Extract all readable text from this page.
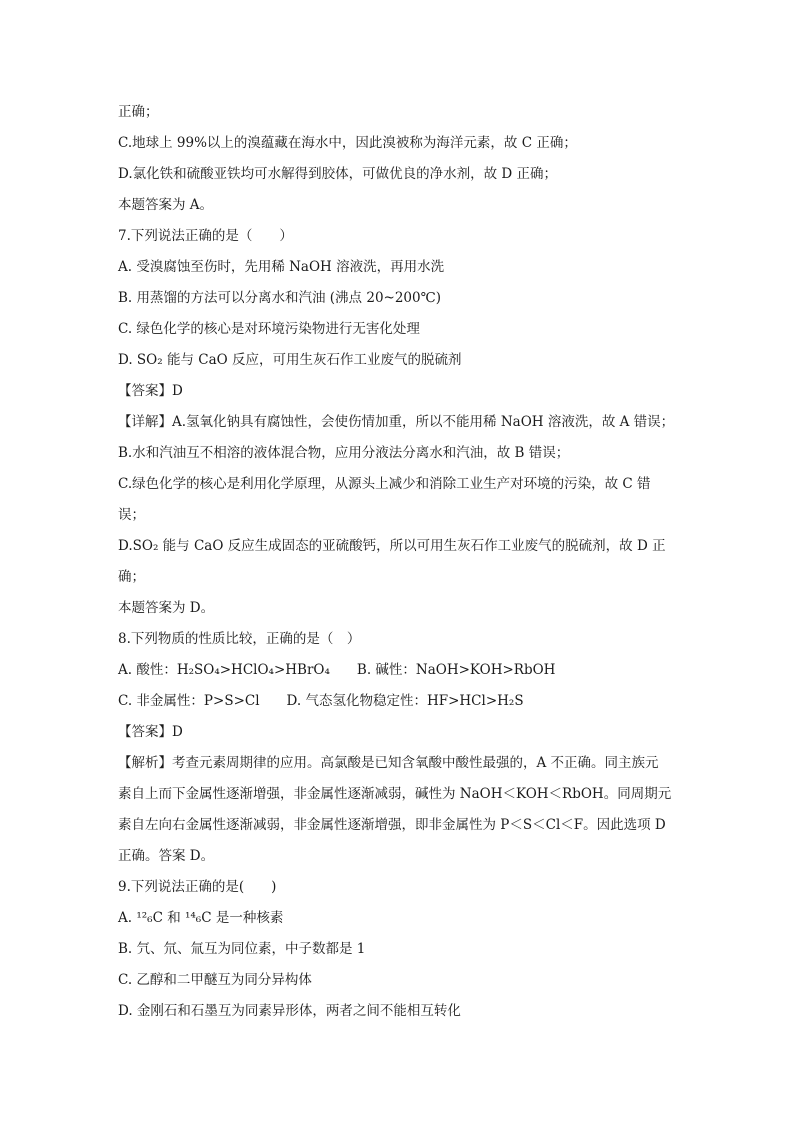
正确；
C.地球上 99%以上的溴蕴藏在海水中，因此溴被称为海洋元素，故 C 正确；
D.氯化铁和硫酸亚铁均可水解得到胶体，可做优良的净水剂，故 D 正确；
本题答案为 A。
7.下列说法正确的是（　　）
A. 受溴腐蚀至伤时，先用稀 NaOH 溶液洗，再用水洗
B. 用蒸馏的方法可以分离水和汽油 (沸点 20~200℃)
C. 绿色化学的核心是对环境污染物进行无害化处理
D. SO₂ 能与 CaO 反应，可用生灰石作工业废气的脱硫剂
【答案】D
【详解】A.氢氧化钠具有腐蚀性，会使伤情加重，所以不能用稀 NaOH 溶液洗，故 A 错误；
B.水和汽油互不相溶的液体混合物，应用分液法分离水和汽油，故 B 错误；
C.绿色化学的核心是利用化学原理，从源头上减少和消除工业生产对环境的污染，故 C 错
误；
D.SO₂ 能与 CaO 反应生成固态的亚硫酸钙，所以可用生灰石作工业废气的脱硫剂，故 D 正
确；
本题答案为 D。
8.下列物质的性质比较，正确的是（　）
A. 酸性：H₂SO₄>HClO₄>HBrO₄　　B. 碱性：NaOH>KOH>RbOH
C. 非金属性：P>S>Cl　　D. 气态氢化物稳定性：HF>HCl>H₂S
【答案】D
【解析】考查元素周期律的应用。高氯酸是已知含氧酸中酸性最强的，A 不正确。同主族元
素自上而下金属性逐渐增强，非金属性逐渐减弱，碱性为 NaOH＜KOH＜RbOH。同周期元
素自左向右金属性逐渐减弱，非金属性逐渐增强，即非金属性为 P＜S＜Cl＜F。因此选项 D
正确。答案 D。
9.下列说法正确的是(　　)
A. ¹²₆C 和 ¹⁴₆C 是一种核素
B. 氕、氘、氚互为同位素，中子数都是 1
C. 乙醇和二甲醚互为同分异构体
D. 金刚石和石墨互为同素异形体，两者之间不能相互转化
